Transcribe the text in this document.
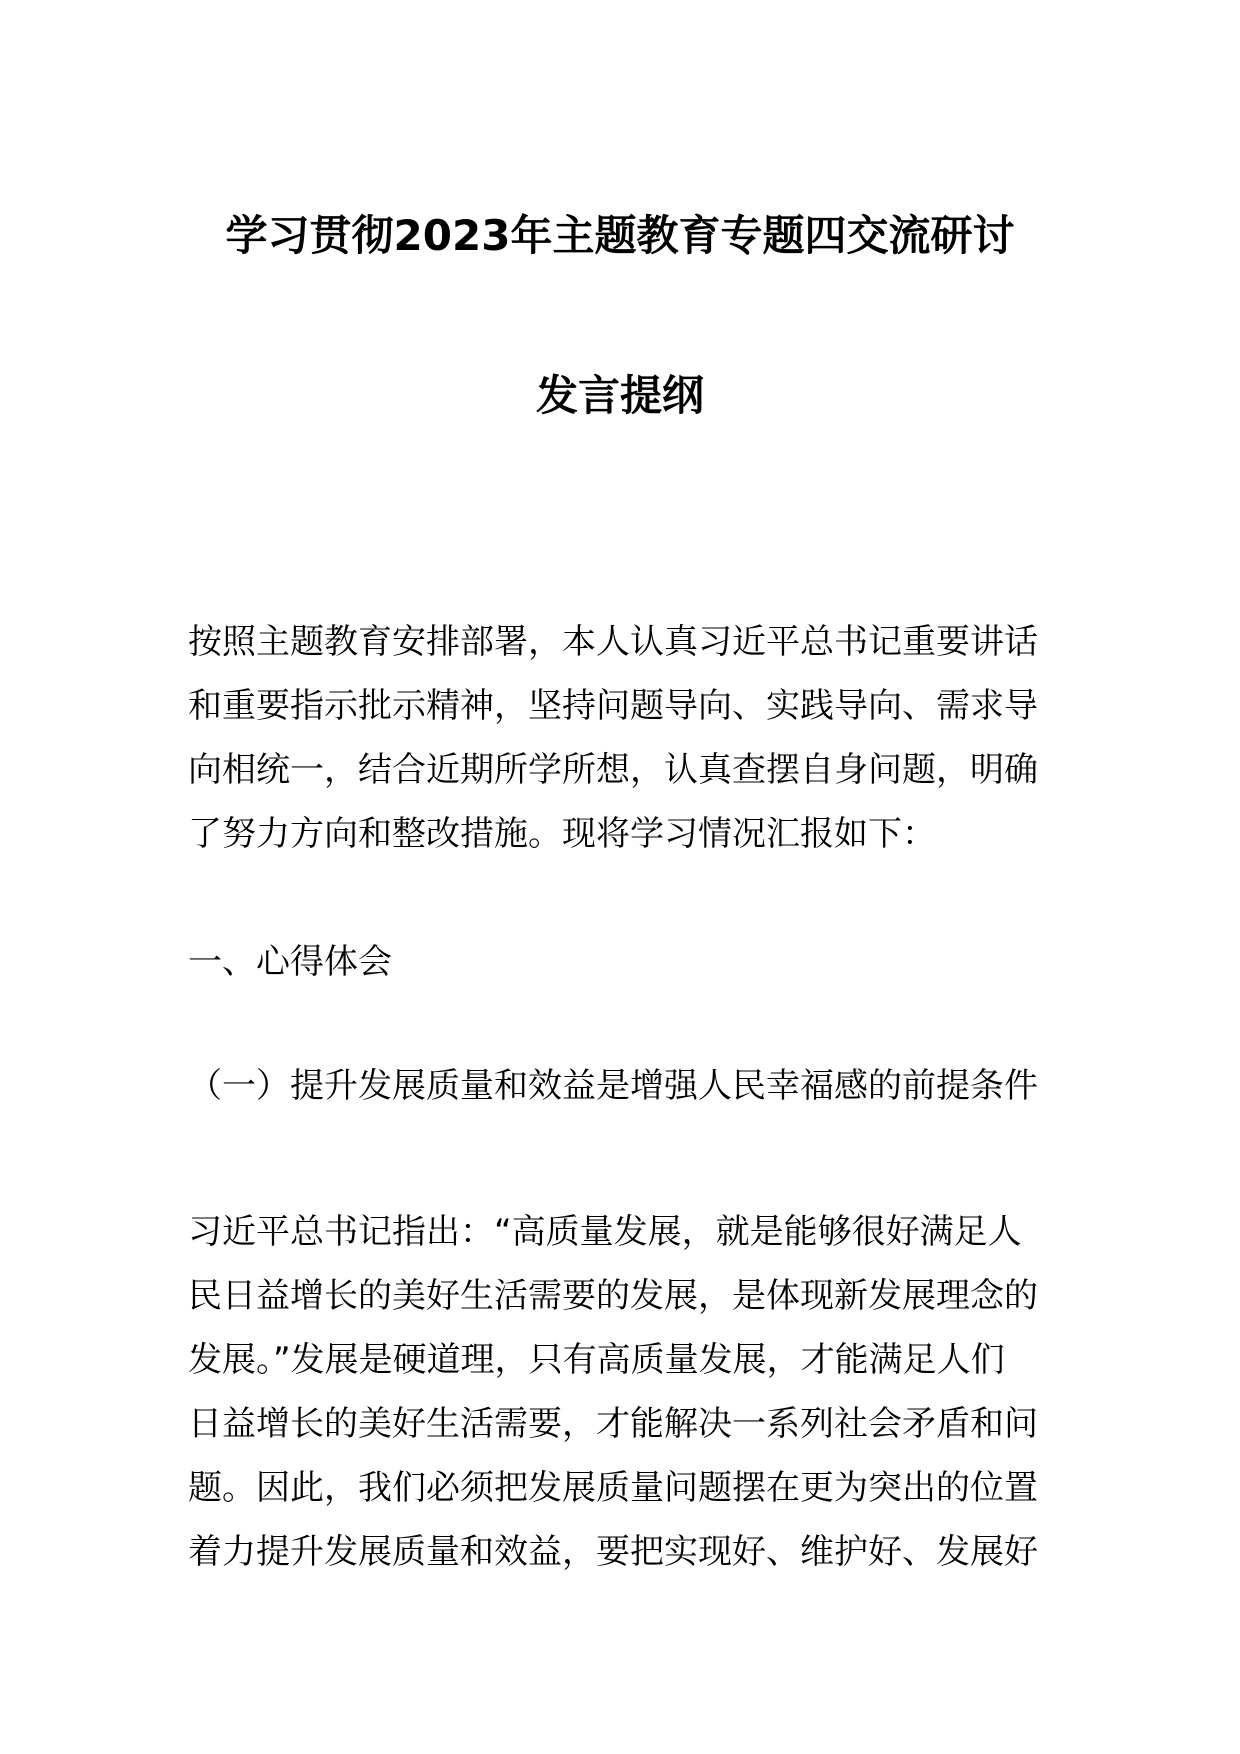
学习贯彻2023年主题教育专题四交流研讨
发言提纲
按照主题教育安排部署，本人认真习近平总书记重要讲话
和重要指示批示精神，坚持问题导向、实践导向、需求导
向相统一，结合近期所学所想，认真查摆自身问题，明确
了努力方向和整改措施。现将学习情况汇报如下：
一、心得体会
（一）提升发展质量和效益是增强人民幸福感的前提条件
习近平总书记指出：“高质量发展，就是能够很好满足人
民日益增长的美好生活需要的发展，是体现新发展理念的
发展。”发展是硬道理，只有高质量发展，才能满足人们
日益增长的美好生活需要，才能解决一系列社会矛盾和问
题。因此，我们必须把发展质量问题摆在更为突出的位置
着力提升发展质量和效益，要把实现好、维护好、发展好
